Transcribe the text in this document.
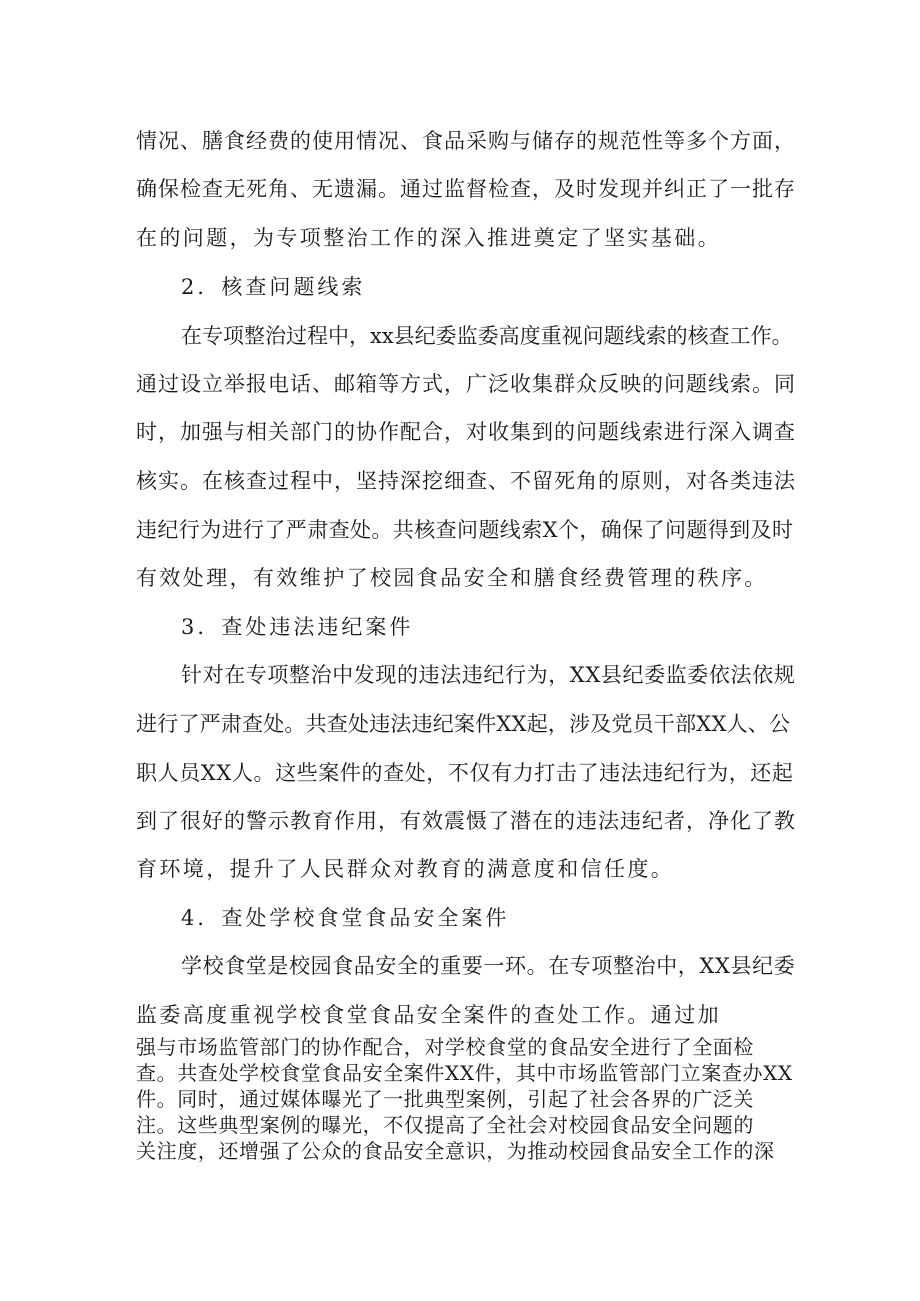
情况、膳食经费的使用情况、食品采购与储存的规范性等多个方面，
确保检查无死角、无遗漏。通过监督检查，及时发现并纠正了一批存
在的问题，为专项整治工作的深入推进奠定了坚实基础。
2．核查问题线索
在专项整治过程中，xx县纪委监委高度重视问题线索的核查工作。
通过设立举报电话、邮箱等方式，广泛收集群众反映的问题线索。同
时，加强与相关部门的协作配合，对收集到的问题线索进行深入调查
核实。在核查过程中，坚持深挖细查、不留死角的原则，对各类违法
违纪行为进行了严肃查处。共核查问题线索X个，确保了问题得到及时
有效处理，有效维护了校园食品安全和膳食经费管理的秩序。
3．查处违法违纪案件
针对在专项整治中发现的违法违纪行为，XX县纪委监委依法依规
进行了严肃查处。共查处违法违纪案件XX起，涉及党员干部XX人、公
职人员XX人。这些案件的查处，不仅有力打击了违法违纪行为，还起
到了很好的警示教育作用，有效震慑了潜在的违法违纪者，净化了教
育环境，提升了人民群众对教育的满意度和信任度。
4．查处学校食堂食品安全案件
学校食堂是校园食品安全的重要一环。在专项整治中，XX县纪委
监委高度重视学校食堂食品安全案件的查处工作。通过加
强与市场监管部门的协作配合，对学校食堂的食品安全进行了全面检
查。共查处学校食堂食品安全案件XX件，其中市场监管部门立案查办XX
件。同时，通过媒体曝光了一批典型案例，引起了社会各界的广泛关
注。这些典型案例的曝光，不仅提高了全社会对校园食品安全问题的
关注度，还增强了公众的食品安全意识，为推动校园食品安全工作的深
